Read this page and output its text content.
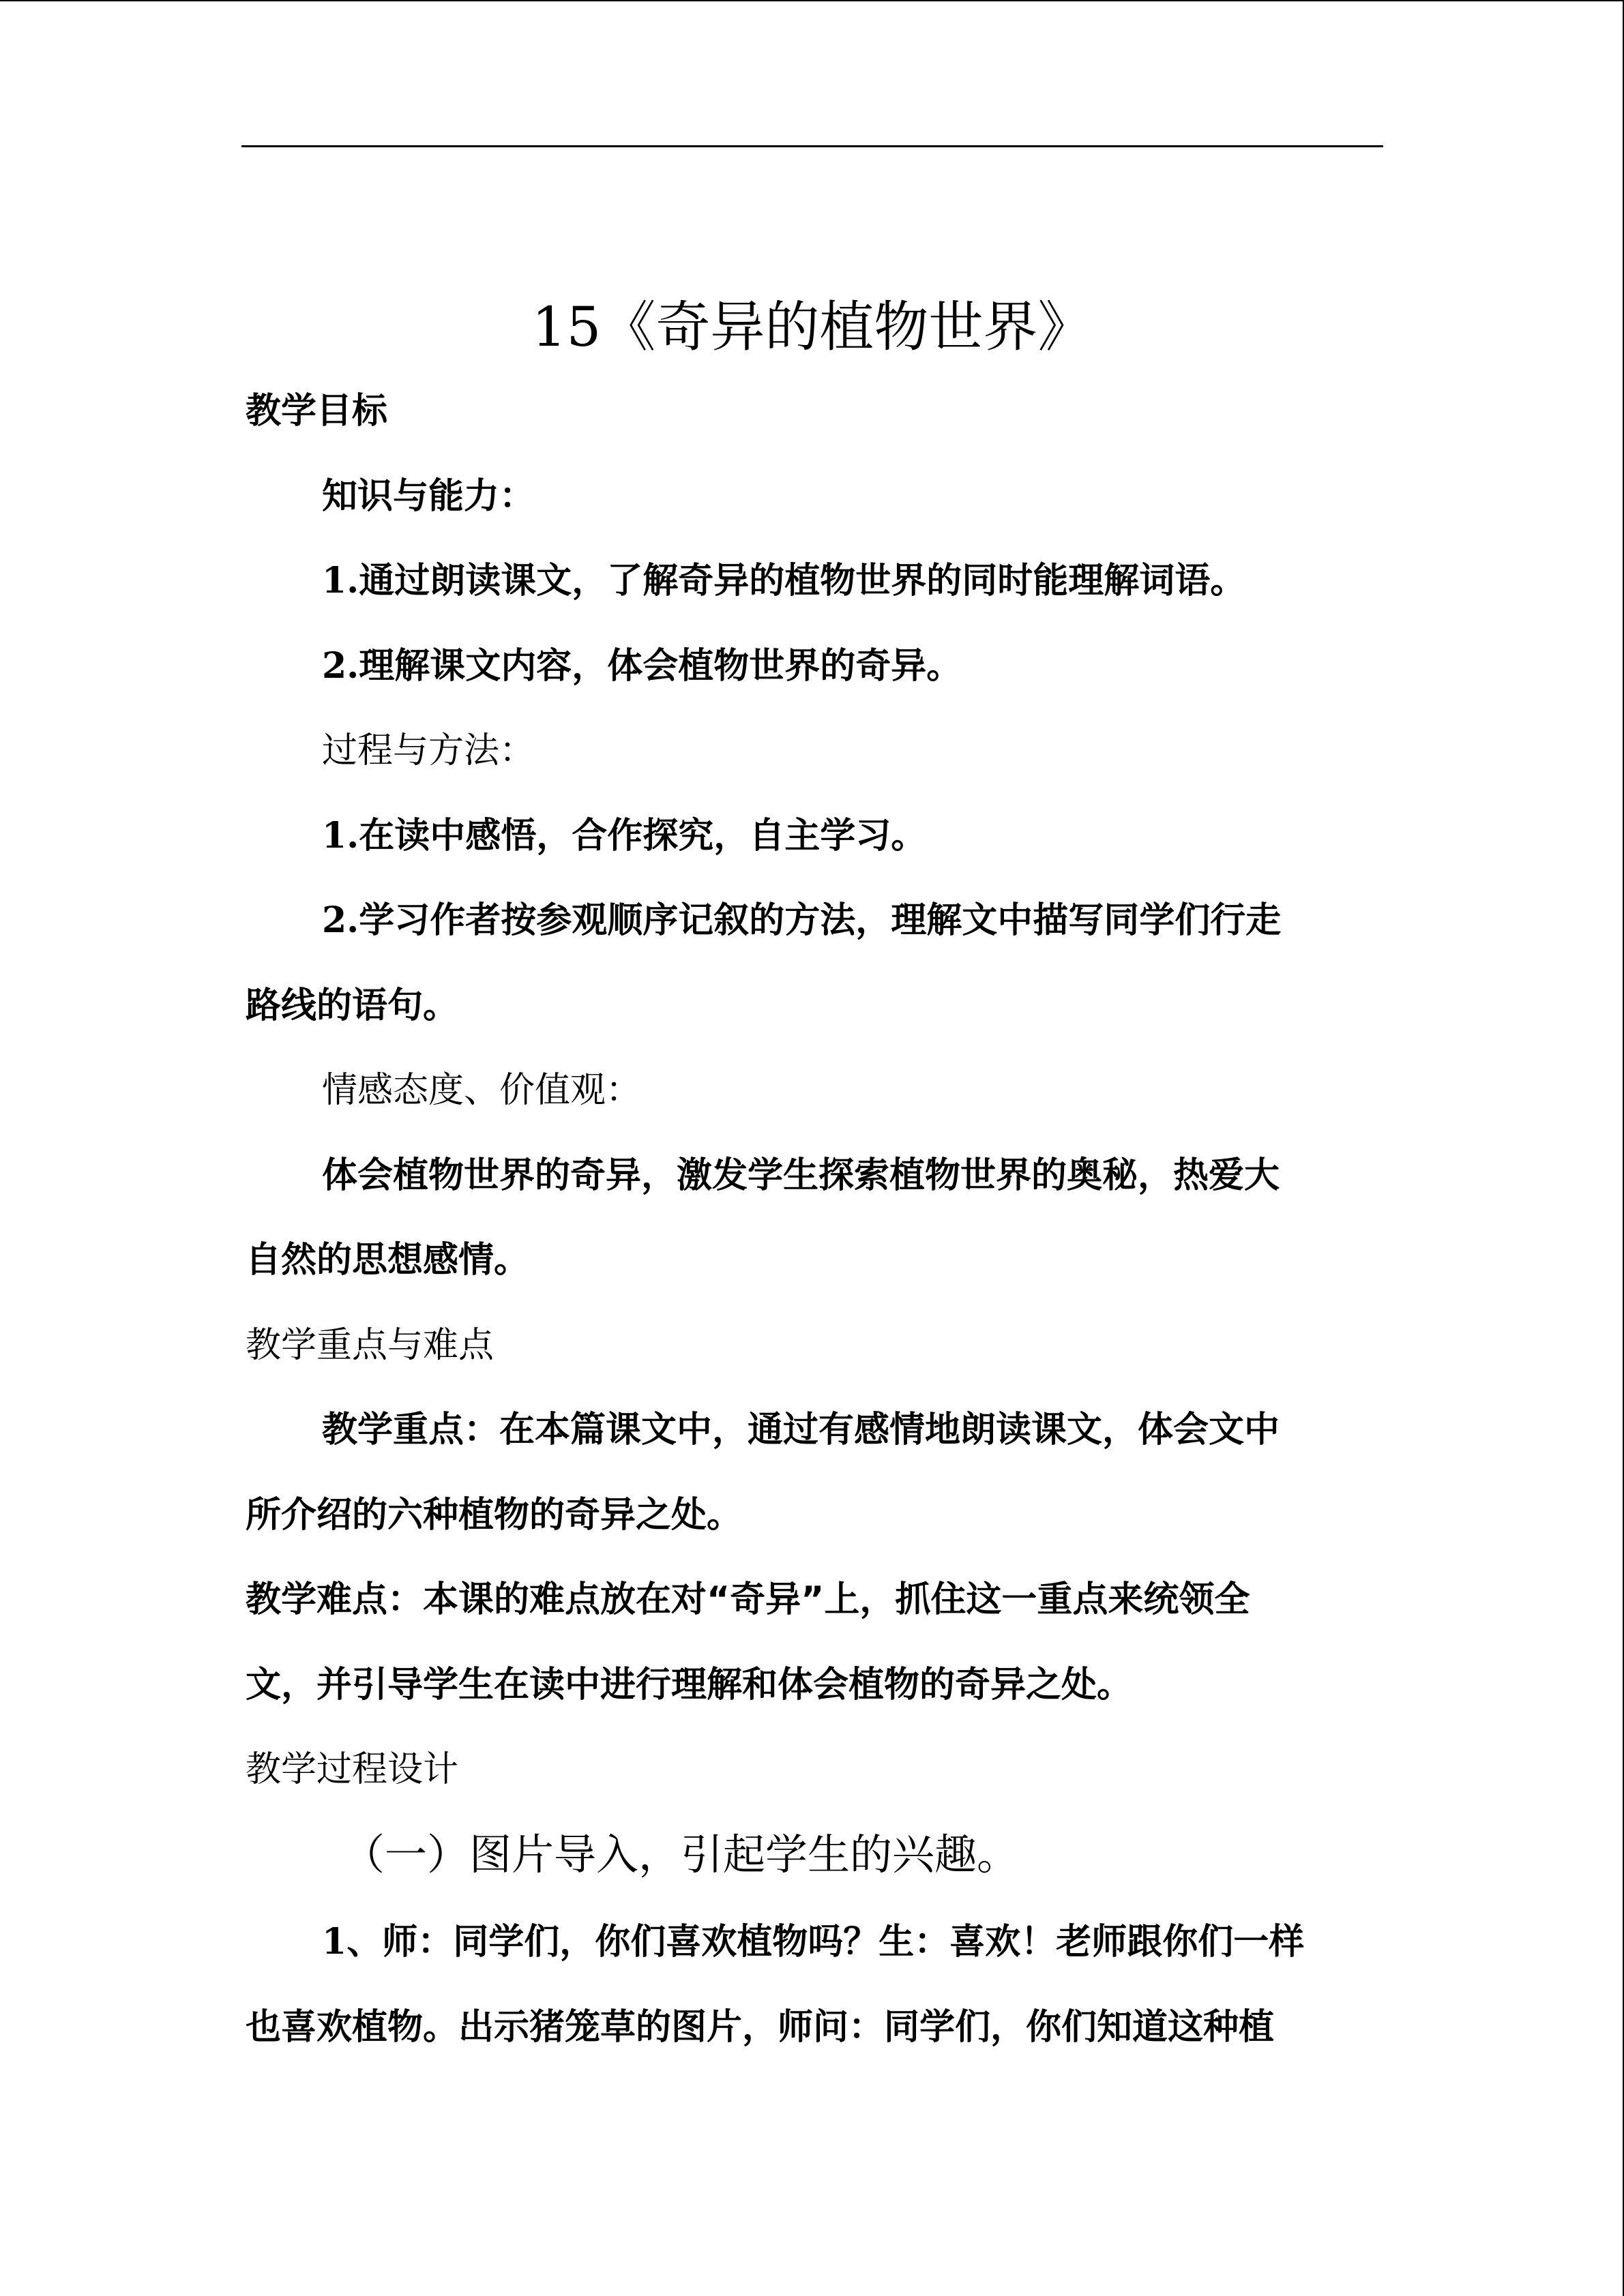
15《奇异的植物世界》
教学目标
知识与能力：
1.通过朗读课文，了解奇异的植物世界的同时能理解词语。
2.理解课文内容，体会植物世界的奇异。
过程与方法：
1.在读中感悟，合作探究，自主学习。
2.学习作者按参观顺序记叙的方法，理解文中描写同学们行走
路线的语句。
情感态度、价值观：
体会植物世界的奇异，激发学生探索植物世界的奥秘，热爱大
自然的思想感情。
教学重点与难点
教学重点：在本篇课文中，通过有感情地朗读课文，体会文中
所介绍的六种植物的奇异之处。
教学难点：本课的难点放在对“奇异”上，抓住这一重点来统领全
文，并引导学生在读中进行理解和体会植物的奇异之处。
教学过程设计
（一）图片导入，引起学生的兴趣。
1、师：同学们，你们喜欢植物吗？生：喜欢！老师跟你们一样
也喜欢植物。出示猪笼草的图片，师问：同学们，你们知道这种植
